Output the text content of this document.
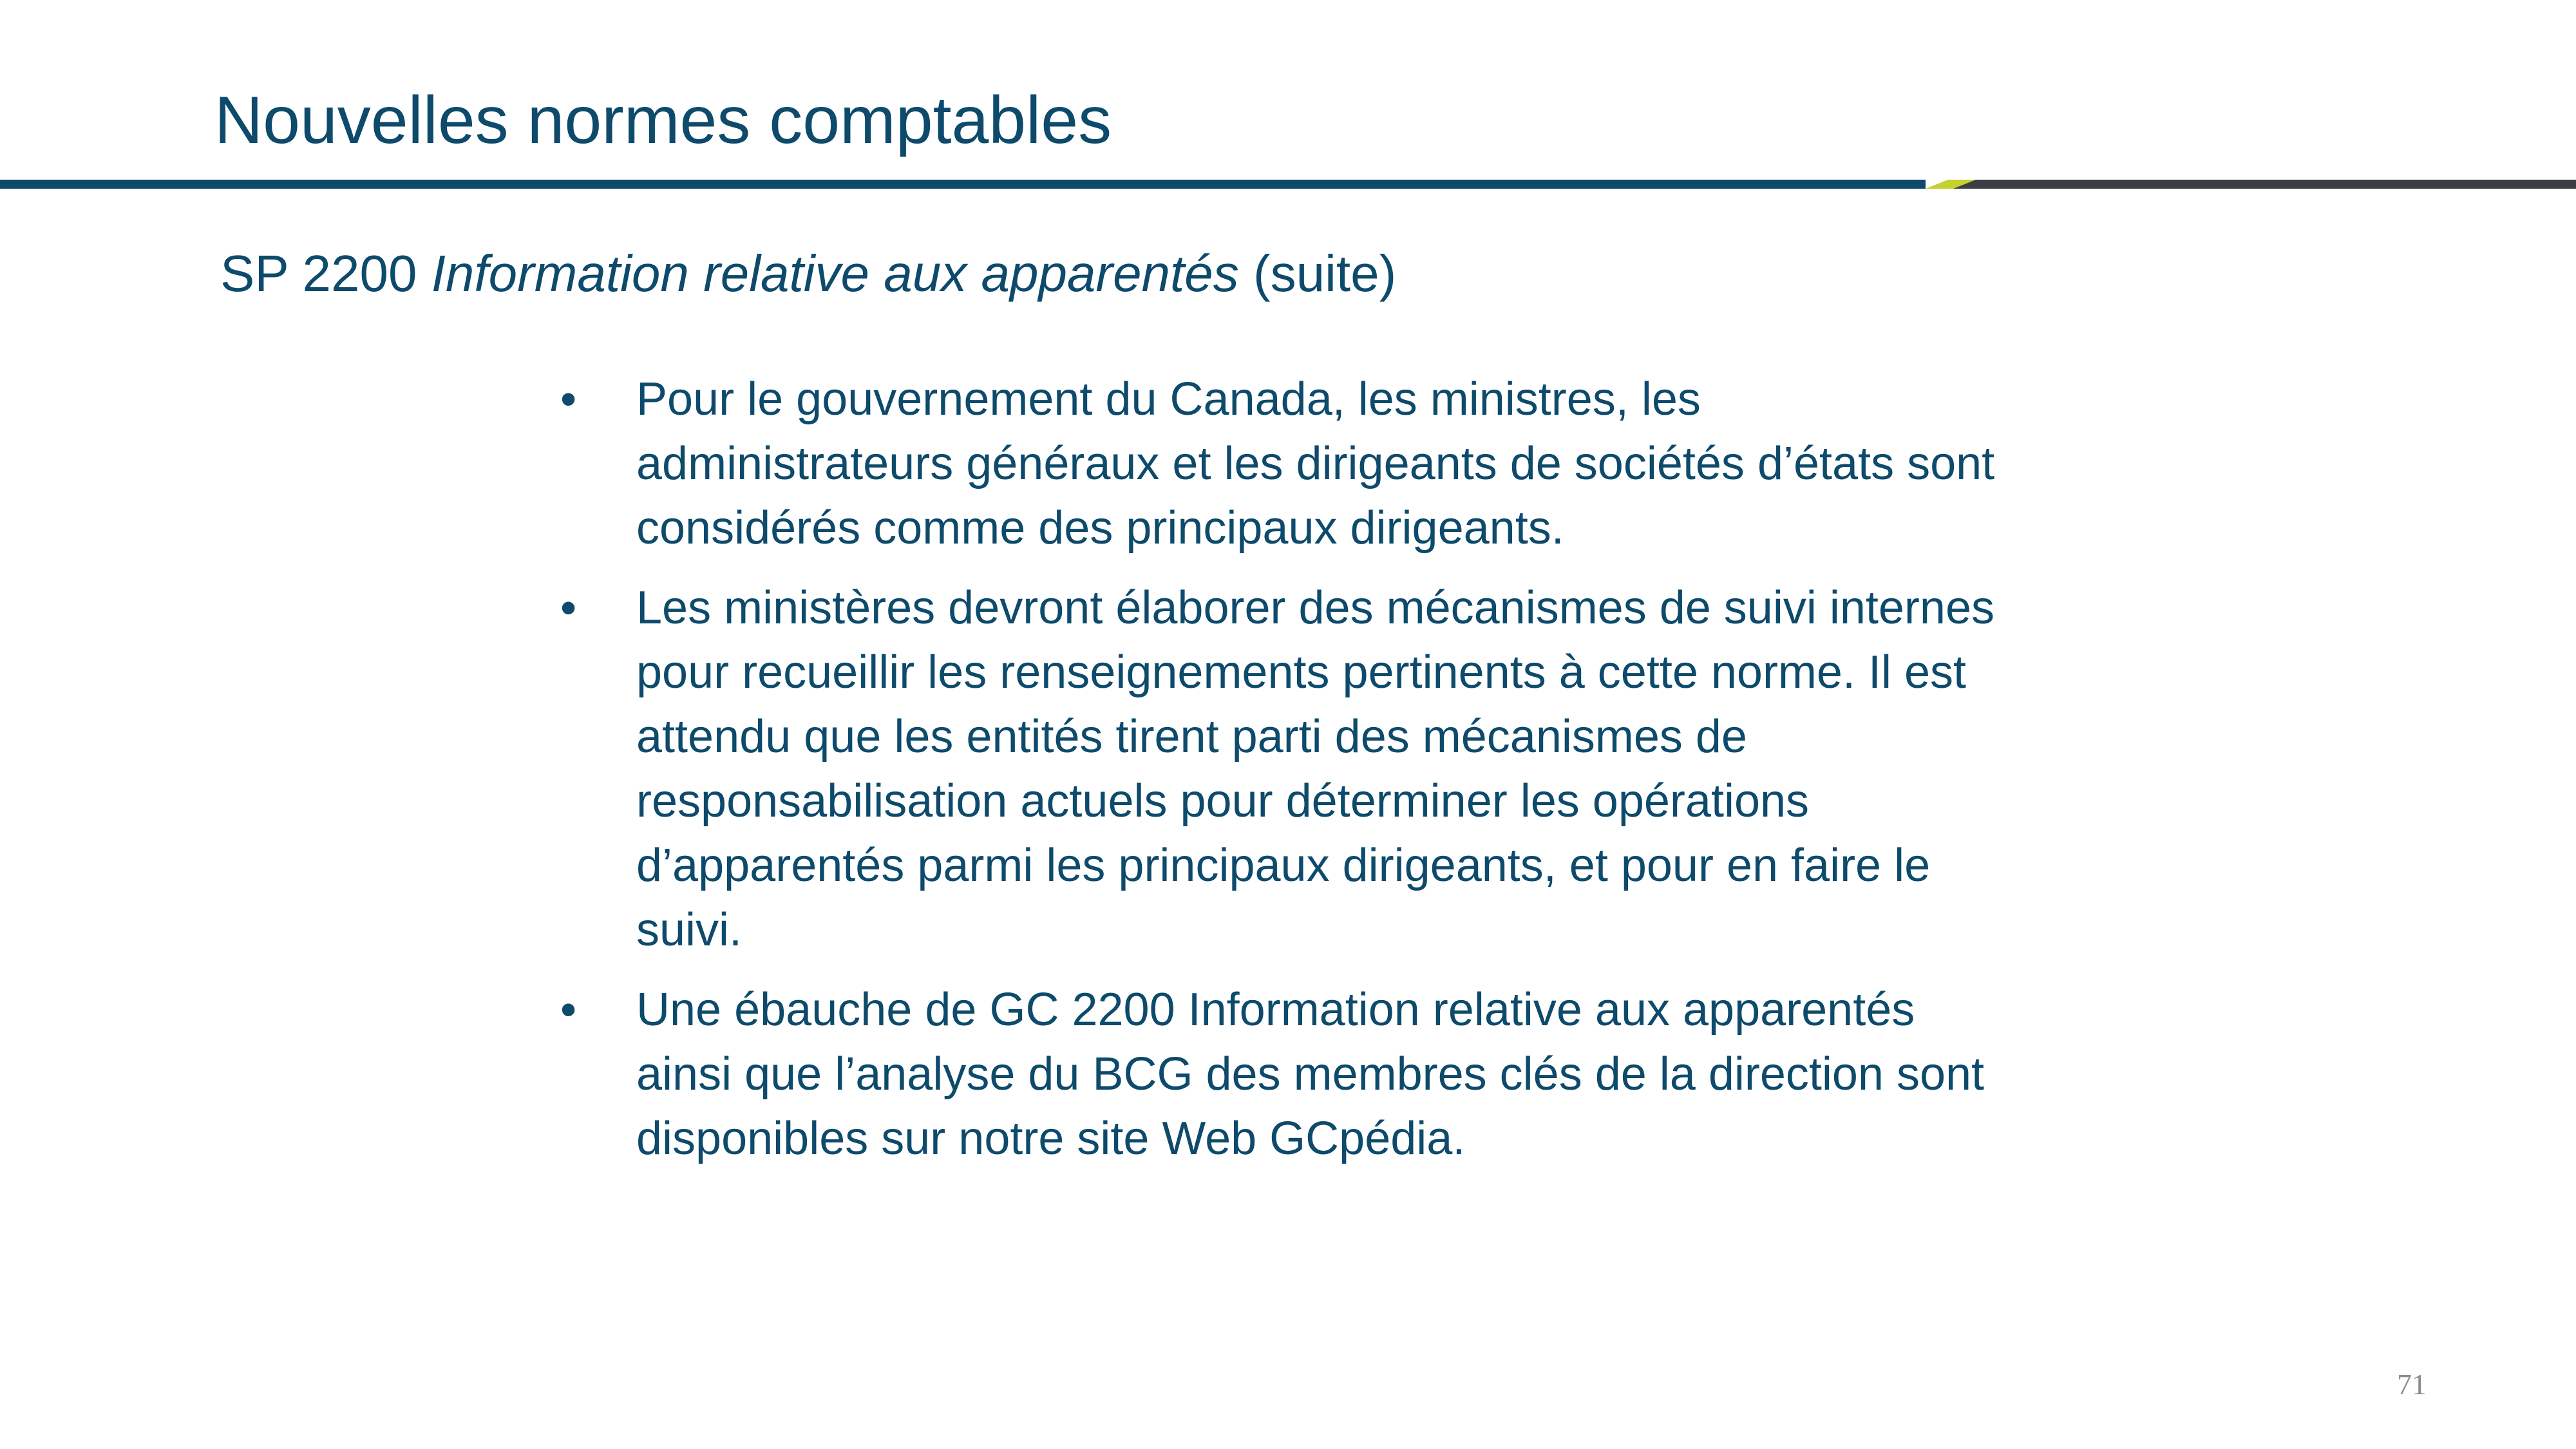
Nouvelles normes comptables

SP 2200 Information relative aux apparentés (suite)

• Pour le gouvernement du Canada, les ministres, les administrateurs généraux et les dirigeants de sociétés d’états sont considérés comme des principaux dirigeants.
• Les ministères devront élaborer des mécanismes de suivi internes pour recueillir les renseignements pertinents à cette norme. Il est attendu que les entités tirent parti des mécanismes de responsabilisation actuels pour déterminer les opérations d’apparentés parmi les principaux dirigeants, et pour en faire le suivi.
• Une ébauche de GC 2200 Information relative aux apparentés ainsi que l’analyse du BCG des membres clés de la direction sont disponibles sur notre site Web GCpédia.
71
